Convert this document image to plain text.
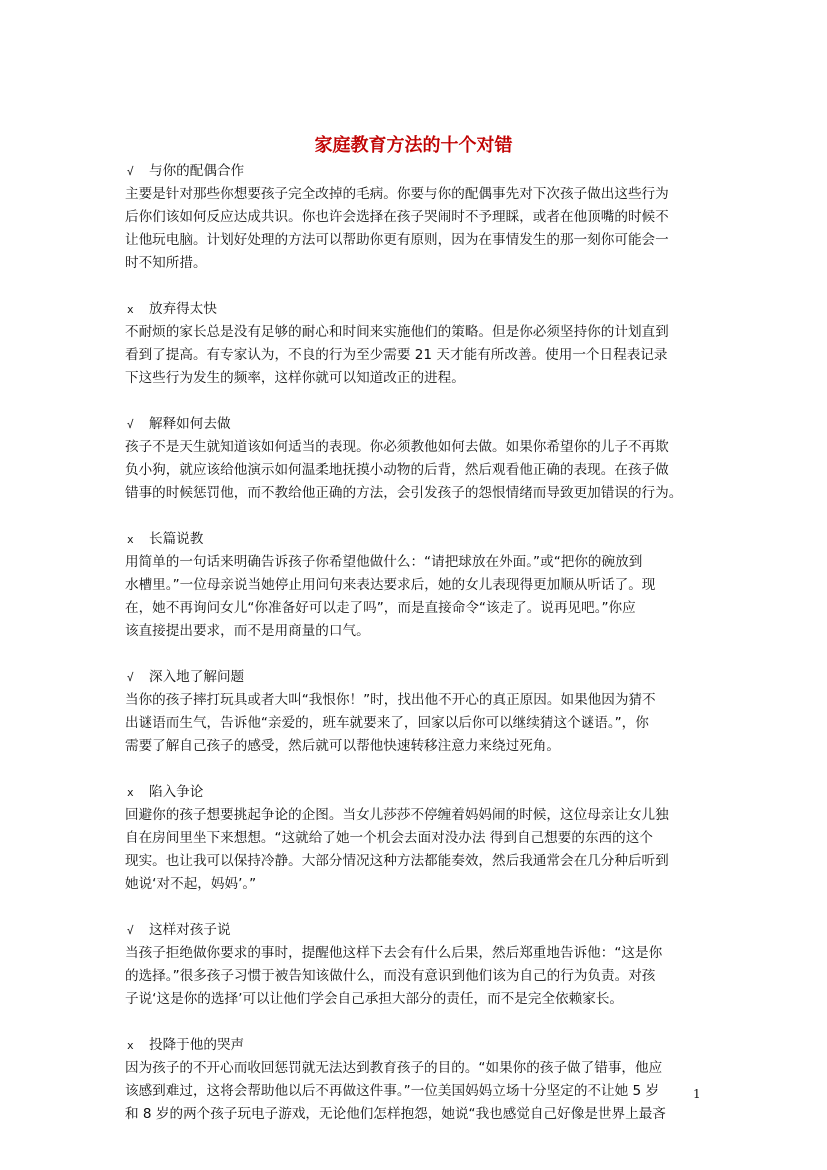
家庭教育方法的十个对错
√ 与你的配偶合作
主要是针对那些你想要孩子完全改掉的毛病。你要与你的配偶事先对下次孩子做出这些行为
后你们该如何反应达成共识。你也许会选择在孩子哭闹时不予理睬，或者在他顶嘴的时候不
让他玩电脑。计划好处理的方法可以帮助你更有原则，因为在事情发生的那一刻你可能会一
时不知所措。
x 放弃得太快
不耐烦的家长总是没有足够的耐心和时间来实施他们的策略。但是你必须坚持你的计划直到
看到了提高。有专家认为，不良的行为至少需要 21 天才能有所改善。使用一个日程表记录
下这些行为发生的频率，这样你就可以知道改正的进程。
√ 解释如何去做
孩子不是天生就知道该如何适当的表现。你必须教他如何去做。如果你希望你的儿子不再欺
负小狗，就应该给他演示如何温柔地抚摸小动物的后背，然后观看他正确的表现。在孩子做
错事的时候惩罚他，而不教给他正确的方法，会引发孩子的怨恨情绪而导致更加错误的行为。
x 长篇说教
用简单的一句话来明确告诉孩子你希望他做什么：“请把球放在外面。”或“把你的碗放到
水槽里。”一位母亲说当她停止用问句来表达要求后，她的女儿表现得更加顺从听话了。现
在，她不再询问女儿“你准备好可以走了吗”，而是直接命令“该走了。说再见吧。”你应
该直接提出要求，而不是用商量的口气。
√ 深入地了解问题
当你的孩子摔打玩具或者大叫“我恨你！”时，找出他不开心的真正原因。如果他因为猜不
出谜语而生气，告诉他“亲爱的，班车就要来了，回家以后你可以继续猜这个谜语。”，你
需要了解自己孩子的感受，然后就可以帮他快速转移注意力来绕过死角。
x 陷入争论
回避你的孩子想要挑起争论的企图。当女儿莎莎不停缠着妈妈闹的时候，这位母亲让女儿独
自在房间里坐下来想想。“这就给了她一个机会去面对没办法 得到自己想要的东西的这个
现实。也让我可以保持冷静。大部分情况这种方法都能奏效，然后我通常会在几分种后听到
她说‘对不起，妈妈’。”
√ 这样对孩子说
当孩子拒绝做你要求的事时，提醒他这样下去会有什么后果，然后郑重地告诉他：“这是你
的选择。”很多孩子习惯于被告知该做什么，而没有意识到他们该为自己的行为负责。对孩
子说‘这是你的选择’可以让他们学会自己承担大部分的责任，而不是完全依赖家长。
x 投降于他的哭声
因为孩子的不开心而收回惩罚就无法达到教育孩子的目的。“如果你的孩子做了错事，他应
该感到难过，这将会帮助他以后不再做这件事。”一位美国妈妈立场十分坚定的不让她 5 岁
和 8 岁的两个孩子玩电子游戏，无论他们怎样抱怨，她说“我也感觉自己好像是世界上最吝
1
